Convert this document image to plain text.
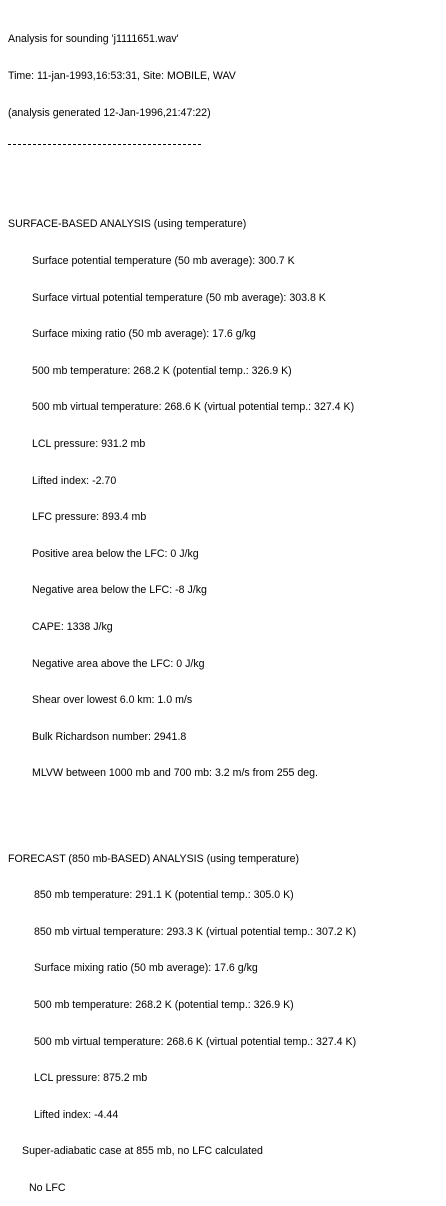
Analysis for sounding 'j1111651.wav'

Time: 11-jan-1993,16:53:31, Site: MOBILE, WAV

(analysis generated 12-Jan-1996,21:47:22)

SURFACE-BASED ANALYSIS (using temperature)

Surface potential temperature (50 mb average): 300.7 K

Surface virtual potential temperature (50 mb average): 303.8 K

Surface mixing ratio (50 mb average): 17.6 g/kg

500 mb temperature: 268.2 K (potential temp.: 326.9 K)

500 mb virtual temperature: 268.6 K (virtual potential temp.: 327.4 K)

LCL pressure: 931.2 mb

Lifted index: -2.70

LFC pressure: 893.4 mb

Positive area below the LFC: 0 J/kg

Negative area below the LFC: -8 J/kg

CAPE: 1338 J/kg

Negative area above the LFC: 0 J/kg

Shear over lowest 6.0 km: 1.0 m/s

Bulk Richardson number: 2941.8

MLVW between 1000 mb and 700 mb: 3.2 m/s from 255 deg.

FORECAST (850 mb-BASED) ANALYSIS (using temperature)

850 mb temperature: 291.1 K (potential temp.: 305.0 K)

850 mb virtual temperature: 293.3 K (virtual potential temp.: 307.2 K)

Surface mixing ratio (50 mb average): 17.6 g/kg

500 mb temperature: 268.2 K (potential temp.: 326.9 K)

500 mb virtual temperature: 268.6 K (virtual potential temp.: 327.4 K)

LCL pressure: 875.2 mb

Lifted index: -4.44

Super-adiabatic case at 855 mb, no LFC calculated

No LFC
